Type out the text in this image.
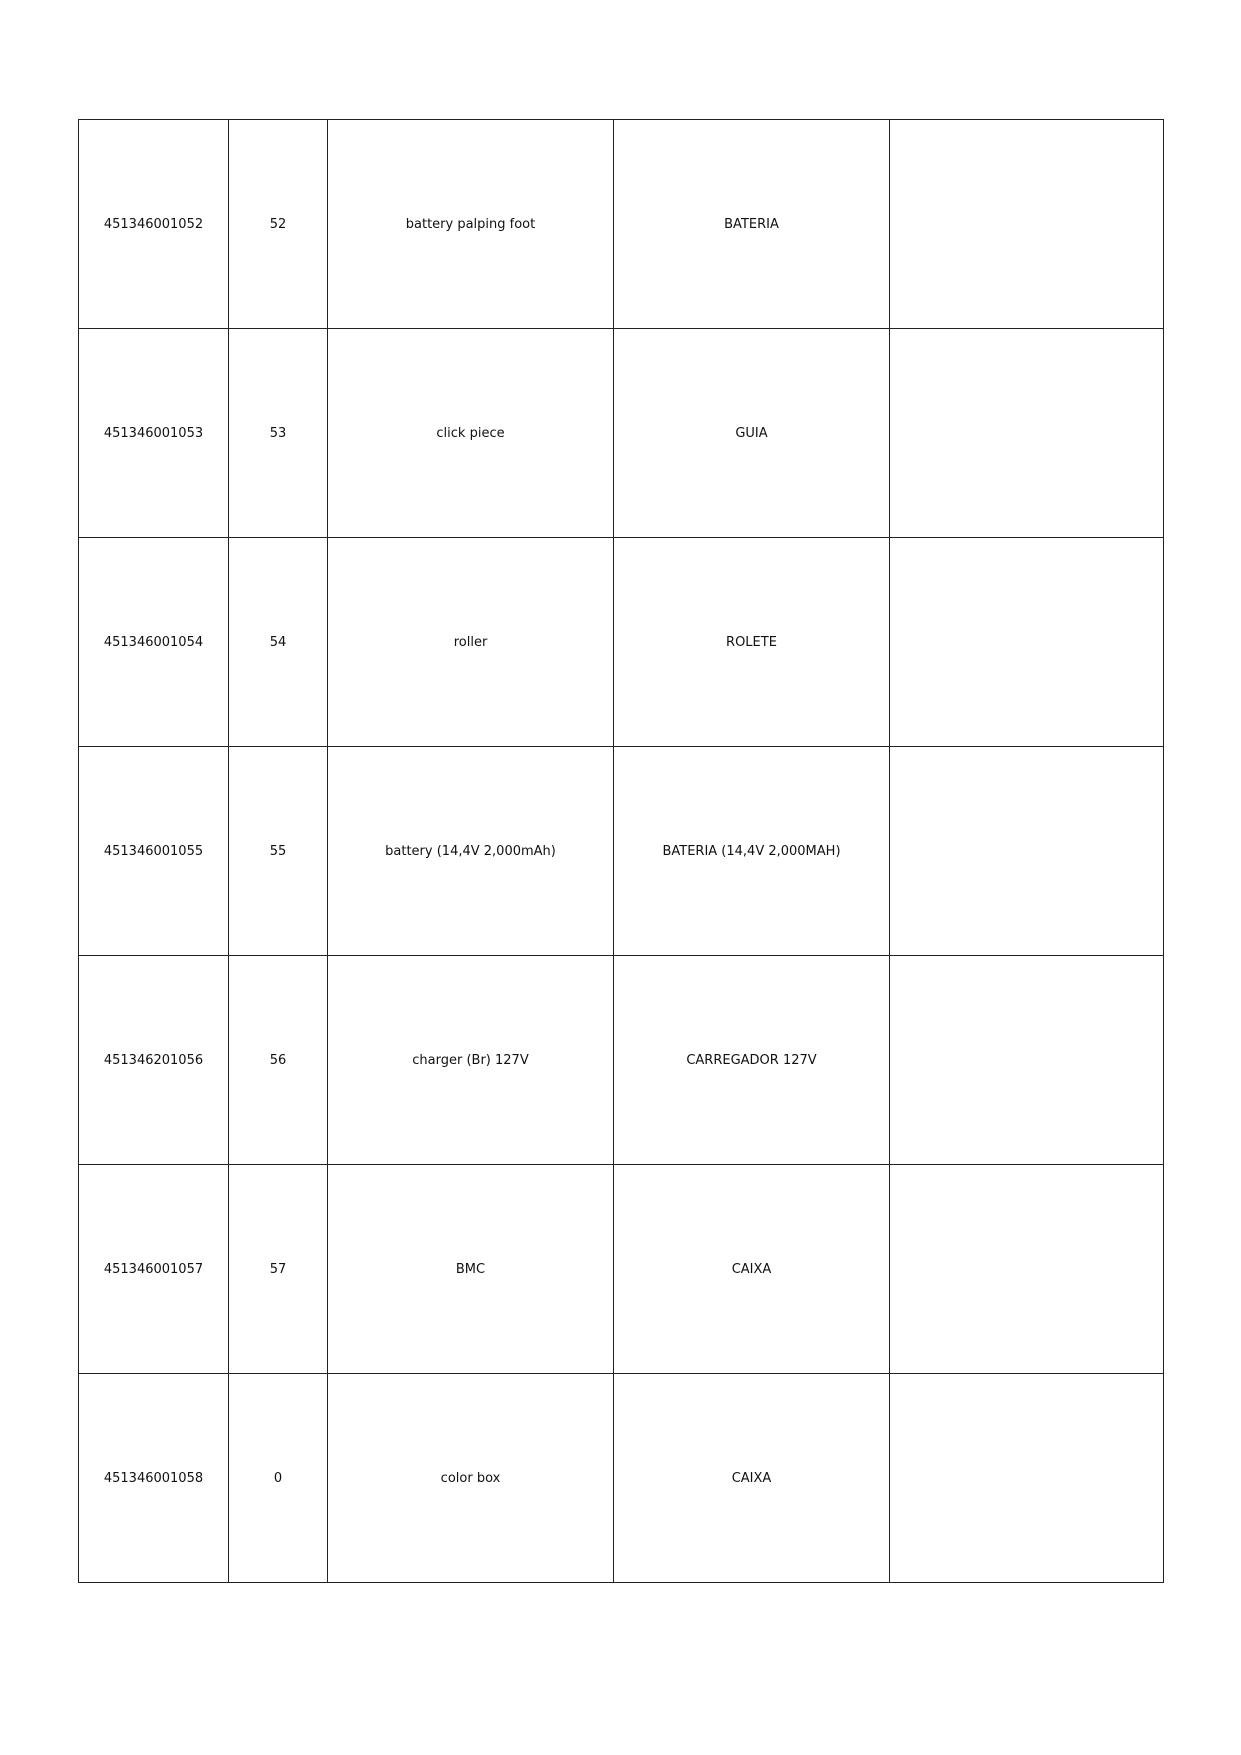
451346001052	52	battery palping foot	BATERIA	
451346001053	53	click piece	GUIA	
451346001054	54	roller	ROLETE	
451346001055	55	battery (14,4V 2,000mAh)	BATERIA (14,4V 2,000MAH)	
451346201056	56	charger (Br) 127V	CARREGADOR 127V	
451346001057	57	BMC	CAIXA	
451346001058	0	color box	CAIXA	
